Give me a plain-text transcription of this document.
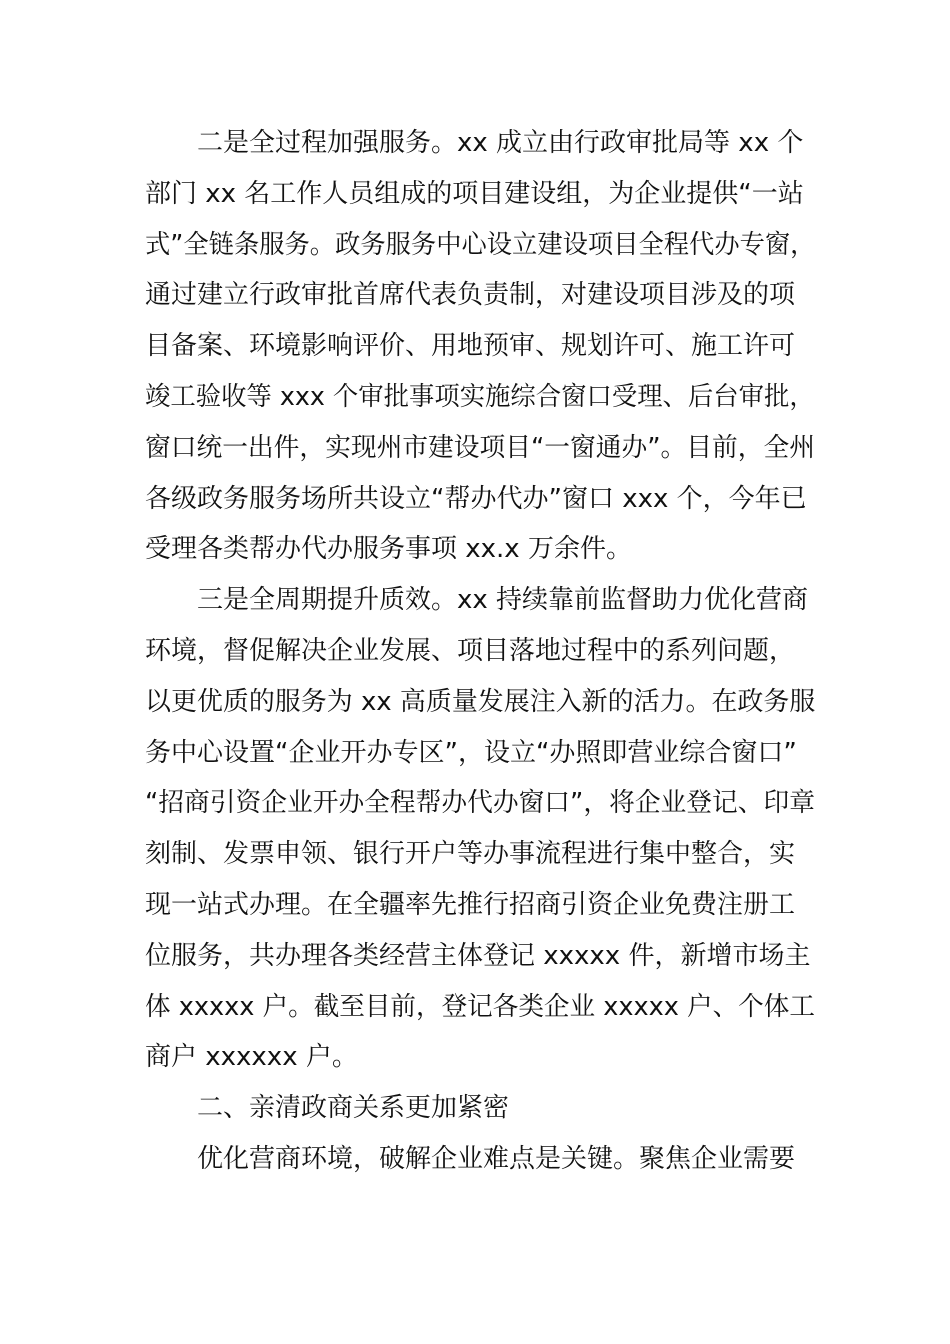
二是全过程加强服务。xx 成立由行政审批局等 xx 个
部门 xx 名工作人员组成的项目建设组，为企业提供“一站
式”全链条服务。政务服务中心设立建设项目全程代办专窗，
通过建立行政审批首席代表负责制，对建设项目涉及的项
目备案、环境影响评价、用地预审、规划许可、施工许可
竣工验收等 xxx 个审批事项实施综合窗口受理、后台审批，
窗口统一出件，实现州市建设项目“一窗通办”。目前，全州
各级政务服务场所共设立“帮办代办”窗口 xxx 个，今年已
受理各类帮办代办服务事项 xx.x 万余件。
三是全周期提升质效。xx 持续靠前监督助力优化营商
环境，督促解决企业发展、项目落地过程中的系列问题，
以更优质的服务为 xx 高质量发展注入新的活力。在政务服
务中心设置“企业开办专区”，设立“办照即营业综合窗口”
“招商引资企业开办全程帮办代办窗口”，将企业登记、印章
刻制、发票申领、银行开户等办事流程进行集中整合，实
现一站式办理。在全疆率先推行招商引资企业免费注册工
位服务，共办理各类经营主体登记 xxxxx 件，新增市场主
体 xxxxx 户。截至目前，登记各类企业 xxxxx 户、个体工
商户 xxxxxx 户。
二、亲清政商关系更加紧密
优化营商环境，破解企业难点是关键。聚焦企业需要
